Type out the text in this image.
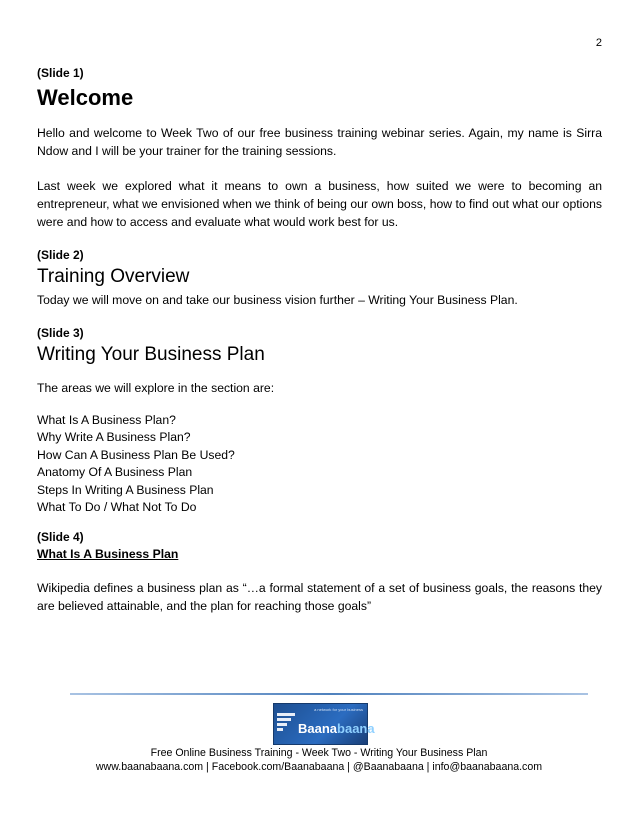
2
(Slide 1)
Welcome

Hello and welcome to Week Two of our free business training webinar series. Again, my name is Sirra Ndow and I will be your trainer for the training sessions.

Last week we explored what it means to own a business, how suited we were to becoming an entrepreneur, what we envisioned when we think of being our own boss, how to find out what our options were and how to access and evaluate what would work best for us.

(Slide 2)
Training Overview

Today we will move on and take our business vision further – Writing Your Business Plan.

(Slide 3)
Writing Your Business Plan

The areas we will explore in the section are:

What Is A Business Plan?
Why Write A Business Plan?
How Can A Business Plan Be Used?
Anatomy Of A Business Plan
Steps In Writing A Business Plan
What To Do / What Not To Do
(Slide 4)
What Is A Business Plan

Wikipedia defines a business plan as “…a formal statement of a set of business goals, the reasons they are believed attainable, and the plan for reaching those goals”

a network for your business
Baanabaana
Free Online Business Training - Week Two - Writing Your Business Plan
www.baanabaana.com | Facebook.com/Baanabaana | @Baanabaana | info@baanabaana.com
